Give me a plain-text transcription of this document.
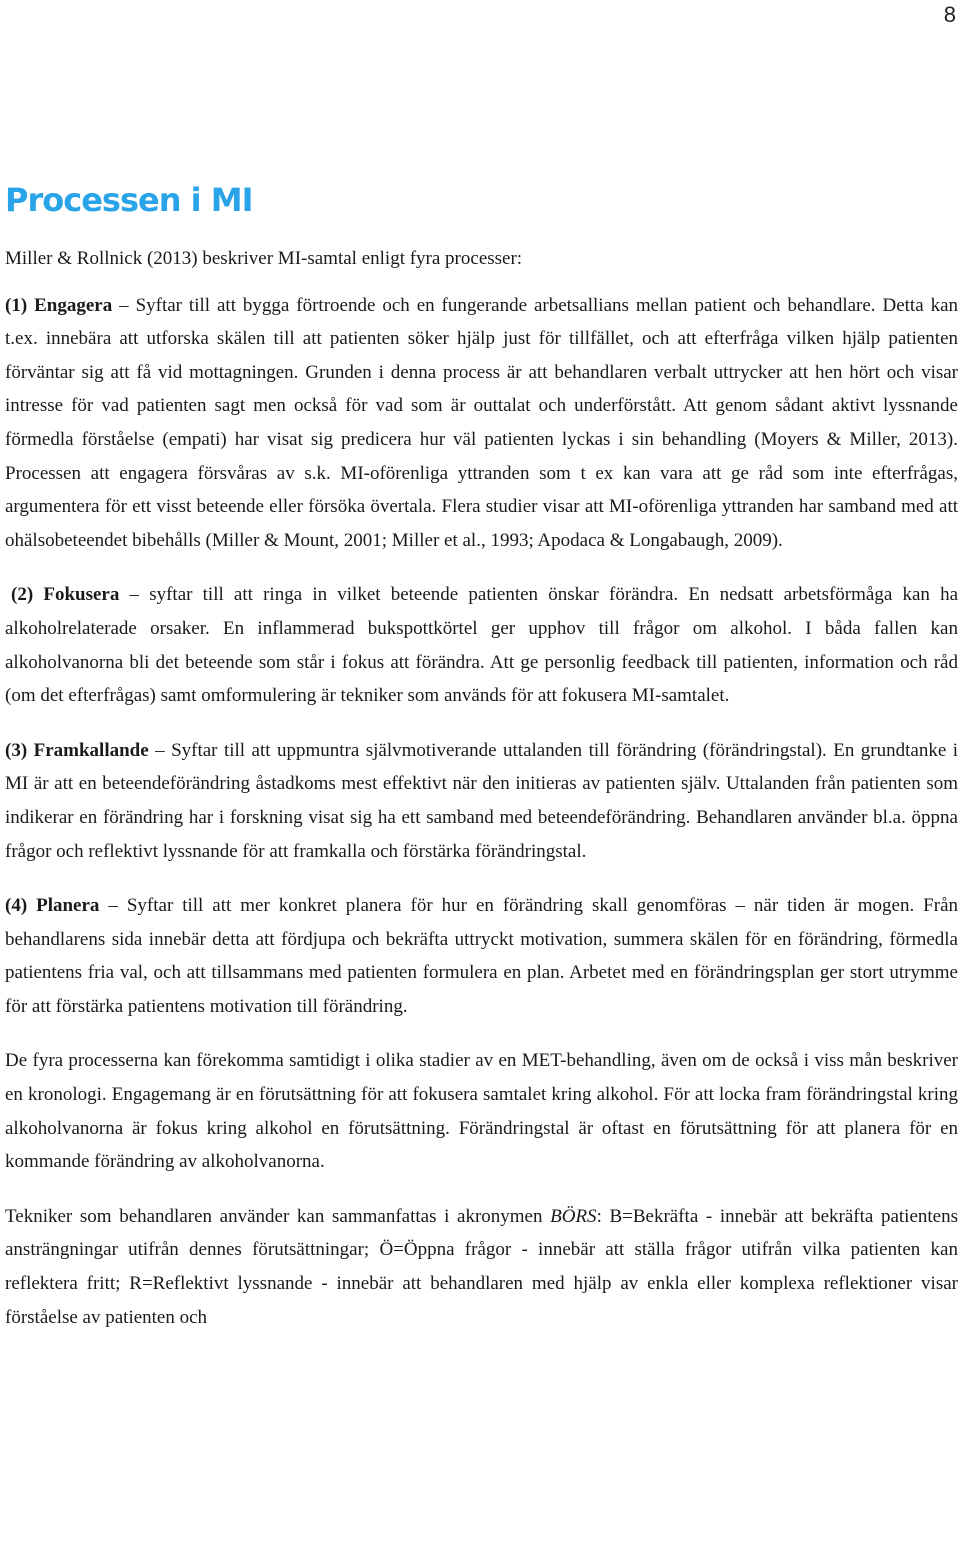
8
Processen i MI

Miller & Rollnick (2013) beskriver MI-samtal enligt fyra processer:

(1) Engagera – Syftar till att bygga förtroende och en fungerande arbetsallians mellan patient och behandlare. Detta kan t.ex. innebära att utforska skälen till att patienten söker hjälp just för tillfället, och att efterfråga vilken hjälp patienten förväntar sig att få vid mottagningen. Grunden i denna process är att behandlaren verbalt uttrycker att hen hört och visar intresse för vad patienten sagt men också för vad som är outtalat och underförstått. Att genom sådant aktivt lyssnande förmedla förståelse (empati) har visat sig predicera hur väl patienten lyckas i sin behandling (Moyers & Miller, 2013). Processen att engagera försvåras av s.k. MI-oförenliga yttranden som t ex kan vara att ge råd som inte efterfrågas, argumentera för ett visst beteende eller försöka övertala. Flera studier visar att MI-oförenliga yttranden har samband med att ohälsobeteendet bibehålls (Miller & Mount, 2001; Miller et al., 1993; Apodaca & Longabaugh, 2009).

(2) Fokusera – syftar till att ringa in vilket beteende patienten önskar förändra. En nedsatt arbetsförmåga kan ha alkoholrelaterade orsaker. En inflammerad bukspottkörtel ger upphov till frågor om alkohol. I båda fallen kan alkoholvanorna bli det beteende som står i fokus att förändra. Att ge personlig feedback till patienten, information och råd (om det efterfrågas) samt omformulering är tekniker som används för att fokusera MI-samtalet.

(3) Framkallande – Syftar till att uppmuntra självmotiverande uttalanden till förändring (förändringstal). En grundtanke i MI är att en beteendeförändring åstadkoms mest effektivt när den initieras av patienten själv. Uttalanden från patienten som indikerar en förändring har i forskning visat sig ha ett samband med beteendeförändring. Behandlaren använder bl.a. öppna frågor och reflektivt lyssnande för att framkalla och förstärka förändringstal.

(4) Planera – Syftar till att mer konkret planera för hur en förändring skall genomföras – när tiden är mogen. Från behandlarens sida innebär detta att fördjupa och bekräfta uttryckt motivation, summera skälen för en förändring, förmedla patientens fria val, och att tillsammans med patienten formulera en plan. Arbetet med en förändringsplan ger stort utrymme för att förstärka patientens motivation till förändring.

De fyra processerna kan förekomma samtidigt i olika stadier av en MET-behandling, även om de också i viss mån beskriver en kronologi. Engagemang är en förutsättning för att fokusera samtalet kring alkohol. För att locka fram förändringstal kring alkoholvanorna är fokus kring alkohol en förutsättning. Förändringstal är oftast en förutsättning för att planera för en kommande förändring av alkoholvanorna.

Tekniker som behandlaren använder kan sammanfattas i akronymen BÖRS: B=Bekräfta - innebär att bekräfta patientens ansträngningar utifrån dennes förutsättningar; Ö=Öppna frågor - innebär att ställa frågor utifrån vilka patienten kan reflektera fritt; R=Reflektivt lyssnande - innebär att behandlaren med hjälp av enkla eller komplexa reflektioner visar förståelse av patienten och
